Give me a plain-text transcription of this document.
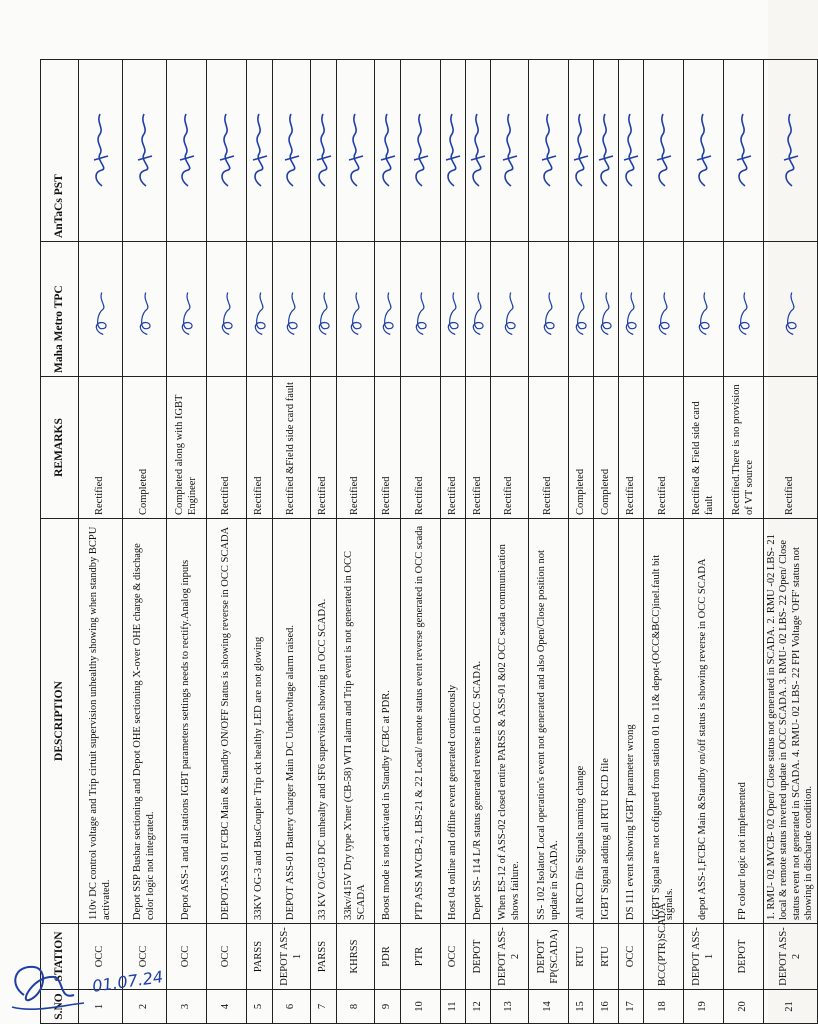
S.NO	STATION	DESCRIPTION	REMARKS	Maha Metro TPC	AnTaCs PST
1	OCC	110v DC control voltage and Trip cirtuit supervision unhealthy showing when standby BCPU activated.	Rectified	

2	OCC	Depot SSP Busbar sectioning and Depot OHE sectioning X-over OHE charge & dischage color logic not integrated.	Completed	

3	OCC	Depot ASS-1 and all stations IGBT parameters settings needs to rectify.Analog inputs	Completed along with IGBT Engineer	

4	OCC	DEPOT-ASS 01 FCBC Main & Standby ON/OFF Status is showing reverse in OCC SCADA	Rectified	

5	PARSS	33KV OG-3 and BusCoupler Trip ckt healthy LED are not glowing	Rectified	

6	DEPOT ASS-1	DEPOT ASS-01 Battery charger Main DC Undervoltage alarm raised.	Rectified &Field side card fault	

7	PARSS	33 KV O/G-03 DC unhealty and SF6 supervision showing in OCC SCADA.	Rectified	

8	KHRSS	33kv/415V Dry type X'mer (CB-58) WTI alarm and Trip event is not generated in OCC SCADA	Rectified	

9	PDR	Boost mode is not activated in Standby FCBC at PDR.	Rectified	

10	PTR	PTP ASS MVCB-2, LBS-21 & 22 Local/ remote status event reverse generated in OCC scada	Rectified	

11	OCC	Host 04 online and offline event generated contineously	Rectified	

12	DEPOT	Depot SS- 114 L/R status generated reverse in OCC SCADA.	Rectified	

13	DEPOT ASS-2	When ES-12 of ASS-02 closed entire PARSS & ASS-01 &02 OCC scada communication shows failure.	Rectified	

14	DEPOT FP(SCADA)	SS- 102 Isolator Local operation's event not generated and also Open/Close position not update in SCADA.	Rectified	

15	RTU	All RCD file Signals naming change	Completed	

16	RTU	IGBT Signal adding all RTU RCD file	Completed	

17	OCC	DS 111 event showing IGBT parameter wrong	Rectified	

18	BCC(PTR)SCADA	IGBT Signal are not cofigured from station 01 to 11& depot-(OCC&BCC)inel.fault bit signals.	Rectified	

19	DEPOT ASS-1	depot ASS-1,FCBC Main &Standby on/off status is showing reverse in OCC SCADA	Rectified & Field side card fault	

20	DEPOT	FP colour logic not implemented	Rectified.There is no provision of VT source	

21	DEPOT ASS-2	1. RMU- 02 MVCB- 02 Open/ Close status not generated in SCADA. 2. RMU -02 LBS- 21 local & remote status inverted update in OCC SCADA. 3. RMU- 02 LBS- 22 Open/ Close status event not generated in SCADA. 4. RMU- 02 LBS- 22 FPI Voltage 'OFF' status not showing in discharde condition.	Rectified	

01.07.24
